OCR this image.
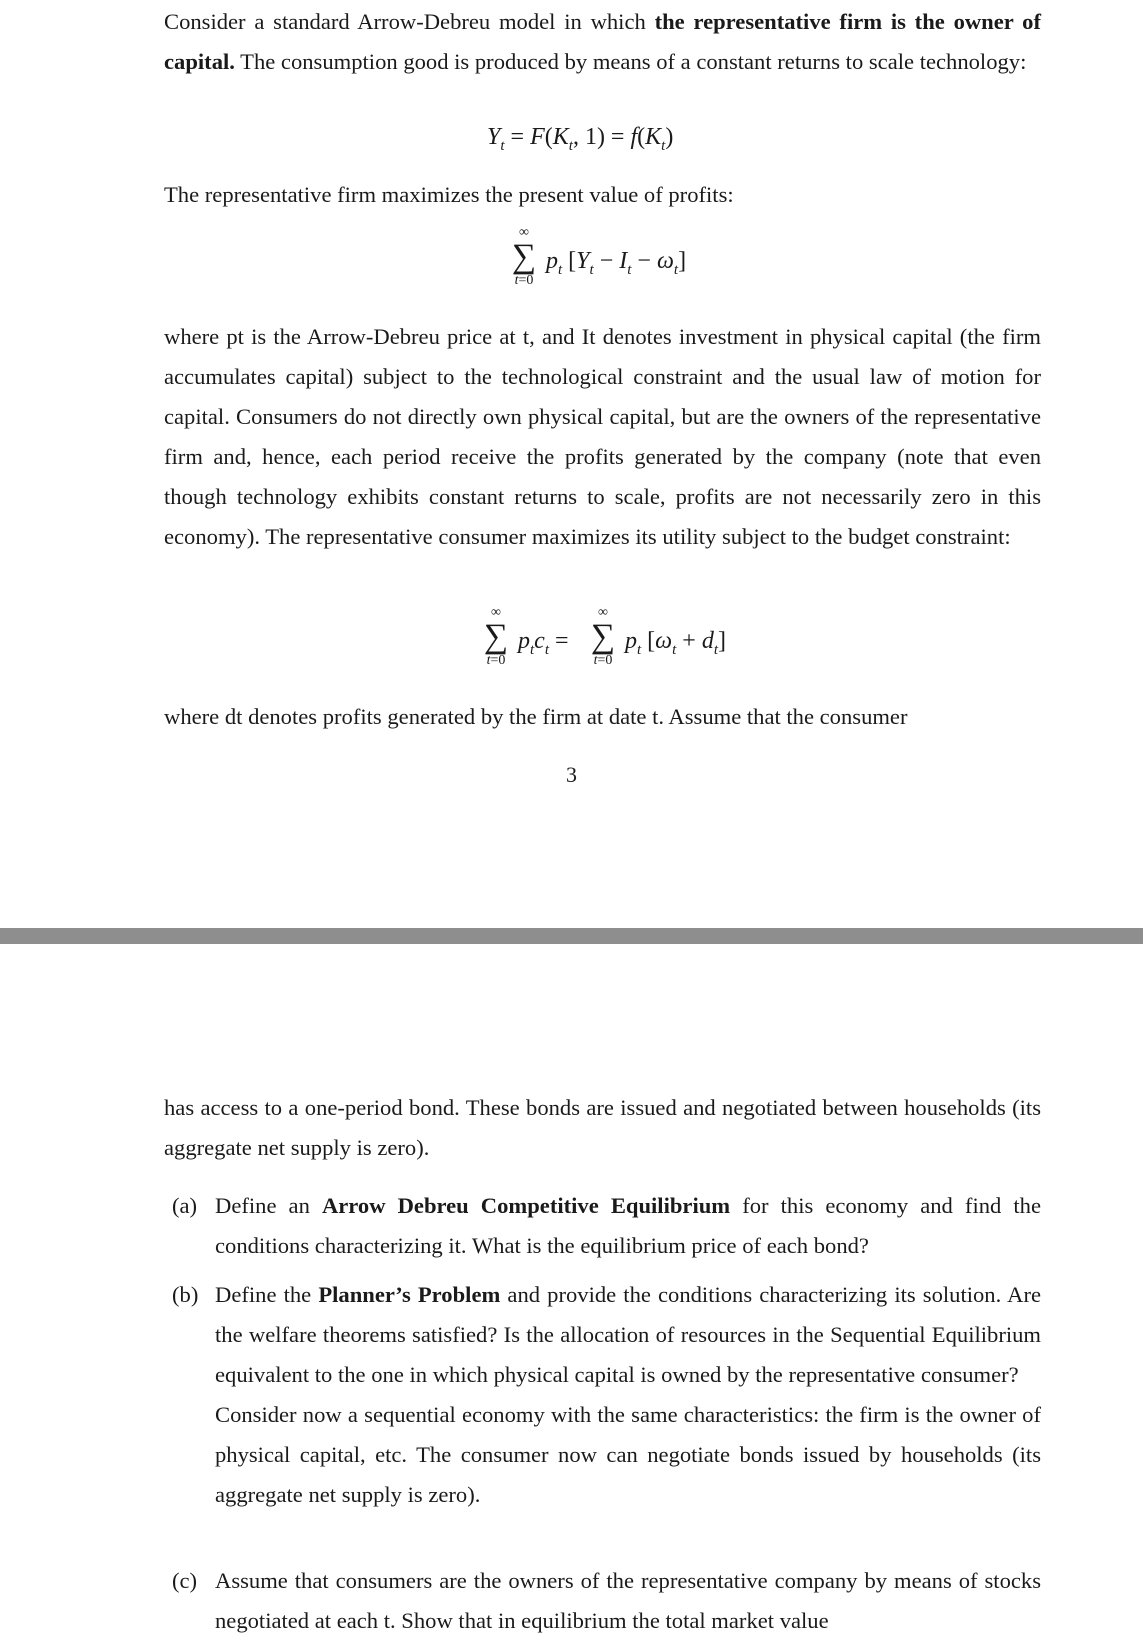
Consider a standard Arrow-Debreu model in which the representative firm is the owner of capital. The consumption good is produced by means of a constant returns to scale technology:

$Y_t = F(K_t$, $1) = f(K_t)$

The representative firm maximizes the present value of profits:

∞
∑
t=0
$p_t$ $[Y_t - I_t - \omega_t]$

where pt is the Arrow-Debreu price at t, and It denotes investment in physical capital (the firm accumulates capital) subject to the technological constraint and the usual law of motion for capital. Consumers do not directly own physical capital, but are the owners of the representative firm and, hence, each period receive the profits generated by the company (note that even though technology exhibits constant returns to scale, profits are not necessarily zero in this economy). The representative consumer maximizes its utility subject to the budget constraint:

∞
∑
t=0
$p_tc_t$ =
∞
∑
t=0
$p_t$ $[\omega_t + d_t]$

where dt denotes profits generated by the firm at date t. Assume that the consumer

3

has access to a one-period bond. These bonds are issued and negotiated between households (its aggregate net supply is zero).

(a) Define an Arrow Debreu Competitive Equilibrium for this economy and find the conditions characterizing it. What is the equilibrium price of each bond?
(b) Define the Planner’s Problem and provide the conditions characterizing its solution. Are the welfare theorems satisfied? Is the allocation of resources in the Sequential Equilibrium equivalent to the one in which physical capital is owned by the representative consumer?
Consider now a sequential economy with the same characteristics: the firm is the owner of physical capital, etc. The consumer now can negotiate bonds issued by households (its aggregate net supply is zero).
(c) Assume that consumers are the owners of the representative company by means of stocks negotiated at each t. Show that in equilibrium the total market value
